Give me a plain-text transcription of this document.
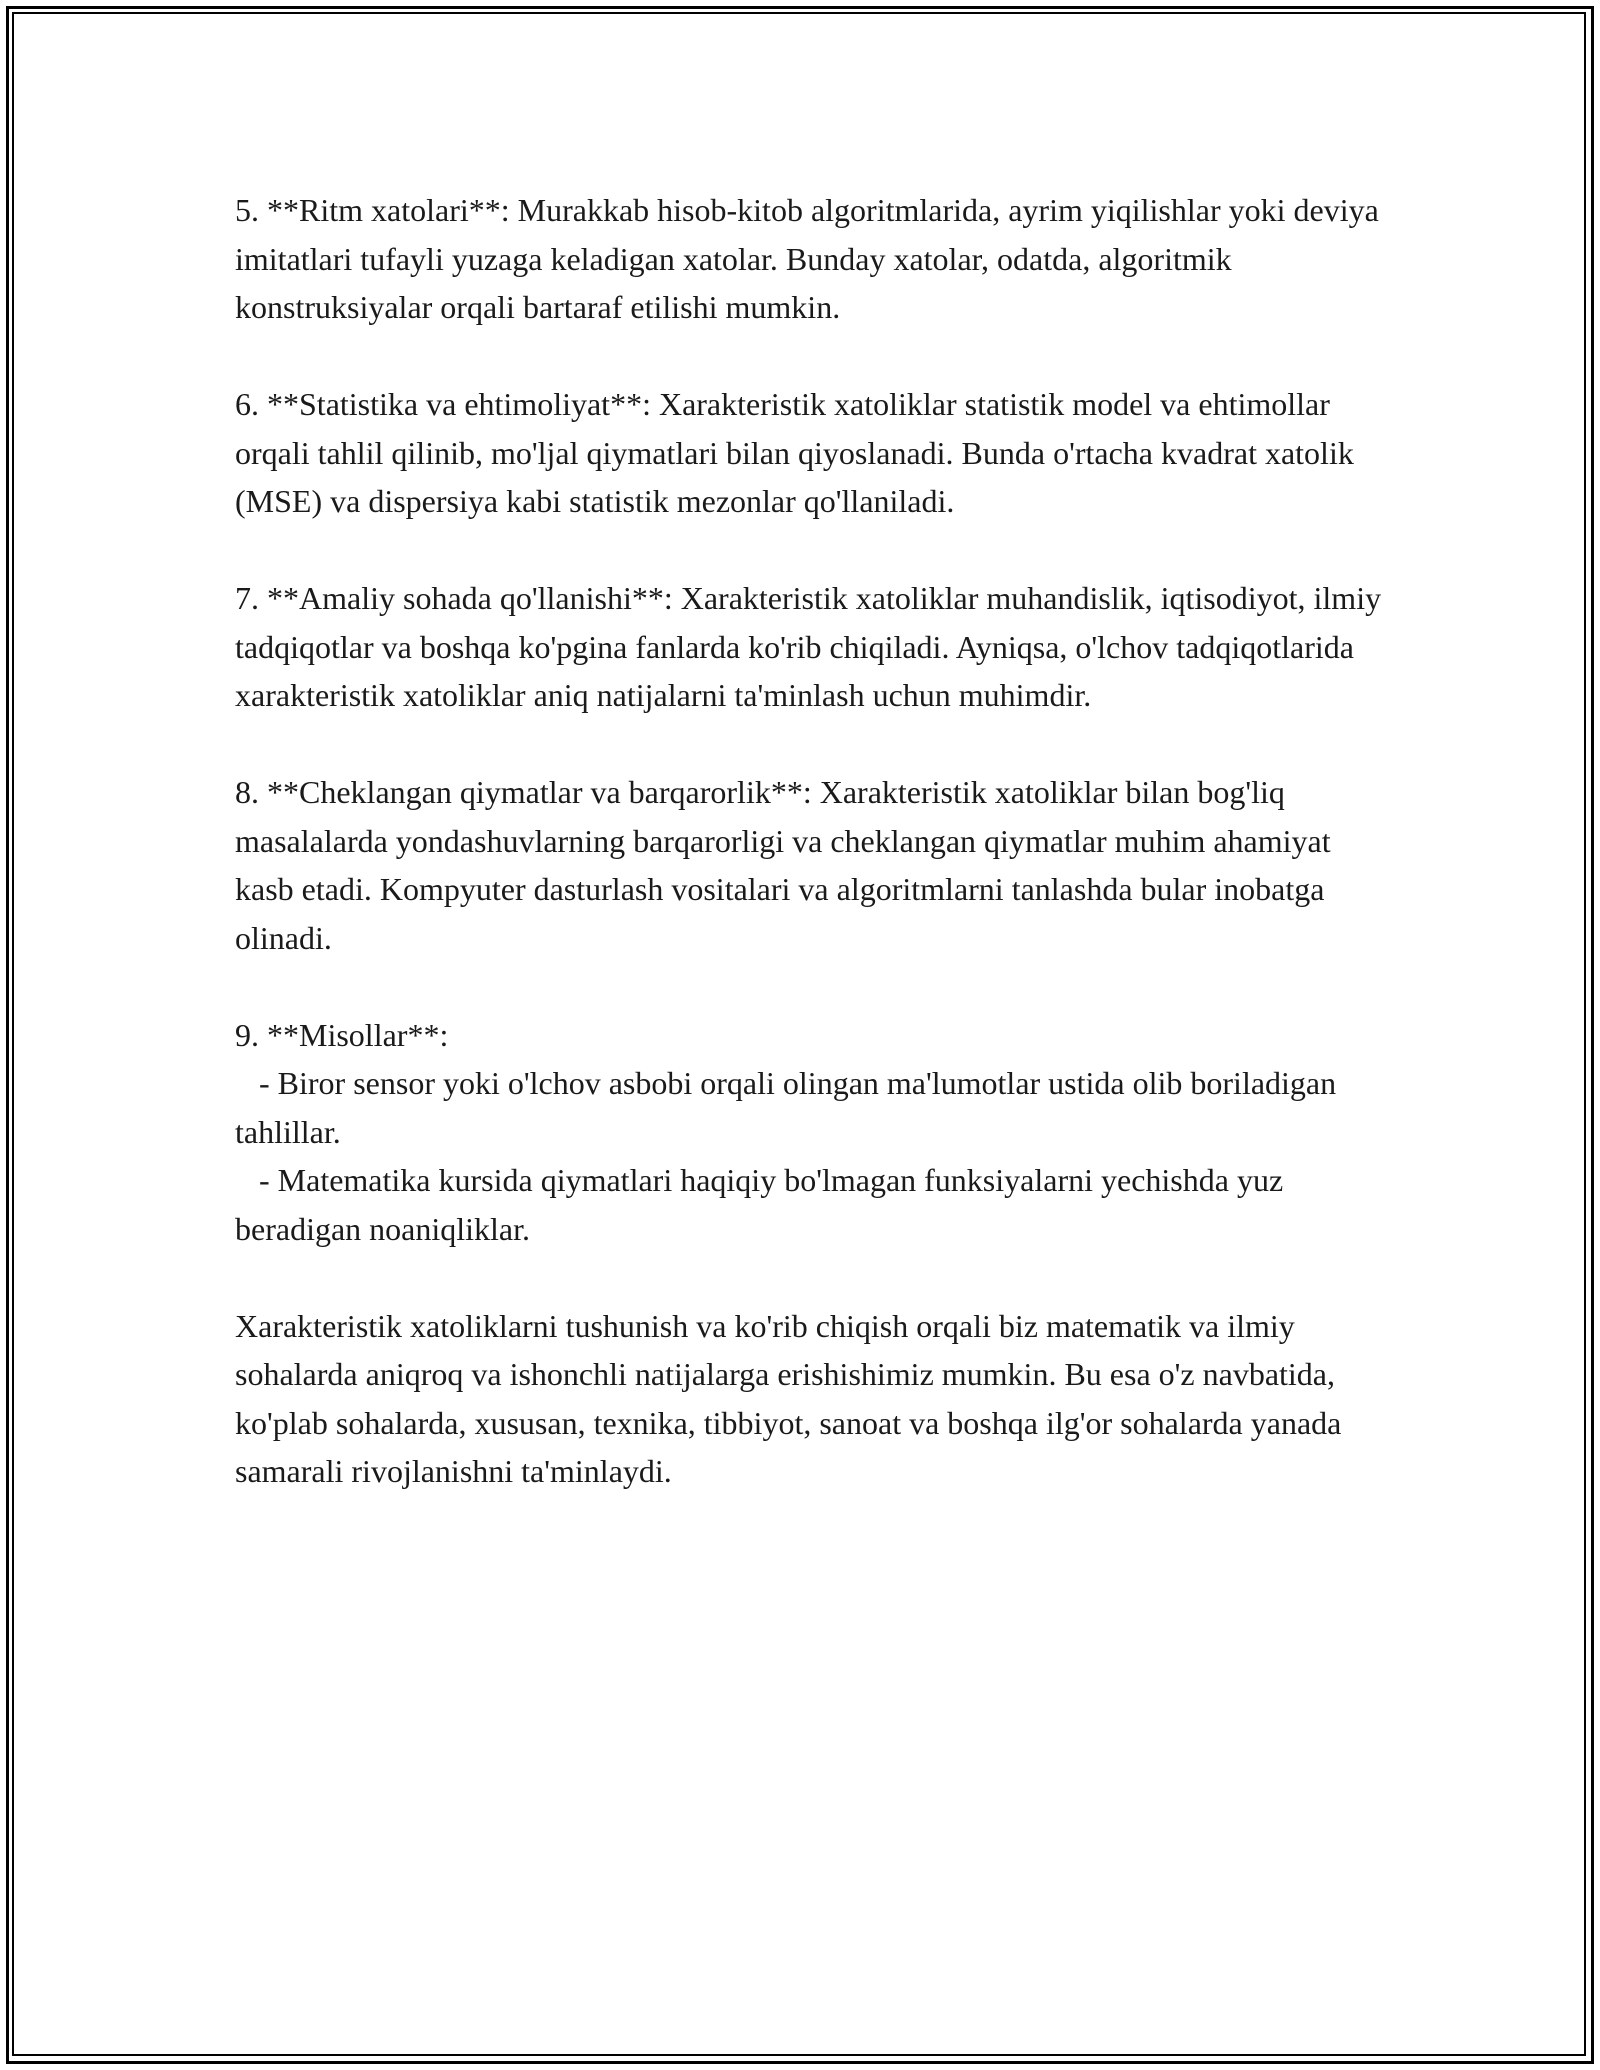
5. **Ritm xatolari**: Murakkab hisob-kitob algoritmlarida, ayrim yiqilishlar yoki deviya imitatlari tufayli yuzaga keladigan xatolar. Bunday xatolar, odatda, algoritmik konstruksiyalar orqali bartaraf etilishi mumkin.

6. **Statistika va ehtimoliyat**: Xarakteristik xatoliklar statistik model va ehtimollar orqali tahlil qilinib, mo'ljal qiymatlari bilan qiyoslanadi. Bunda o'rtacha kvadrat xatolik (MSE) va dispersiya kabi statistik mezonlar qo'llaniladi.

7. **Amaliy sohada qo'llanishi**: Xarakteristik xatoliklar muhandislik, iqtisodiyot, ilmiy tadqiqotlar va boshqa ko'pgina fanlarda ko'rib chiqiladi. Ayniqsa, o'lchov tadqiqotlarida xarakteristik xatoliklar aniq natijalarni ta'minlash uchun muhimdir.

8. **Cheklangan qiymatlar va barqarorlik**: Xarakteristik xatoliklar bilan bog'liq masalalarda yondashuvlarning barqarorligi va cheklangan qiymatlar muhim ahamiyat kasb etadi. Kompyuter dasturlash vositalari va algoritmlarni tanlashda bular inobatga olinadi.

9. **Misollar**:
- Biror sensor yoki o'lchov asbobi orqali olingan ma'lumotlar ustida olib boriladigan tahlillar.
- Matematika kursida qiymatlari haqiqiy bo'lmagan funksiyalarni yechishda yuz beradigan noaniqliklar.

Xarakteristik xatoliklarni tushunish va ko'rib chiqish orqali biz matematik va ilmiy sohalarda aniqroq va ishonchli natijalarga erishishimiz mumkin. Bu esa o'z navbatida, ko'plab sohalarda, xususan, texnika, tibbiyot, sanoat va boshqa ilg'or sohalarda yanada samarali rivojlanishni ta'minlaydi.
